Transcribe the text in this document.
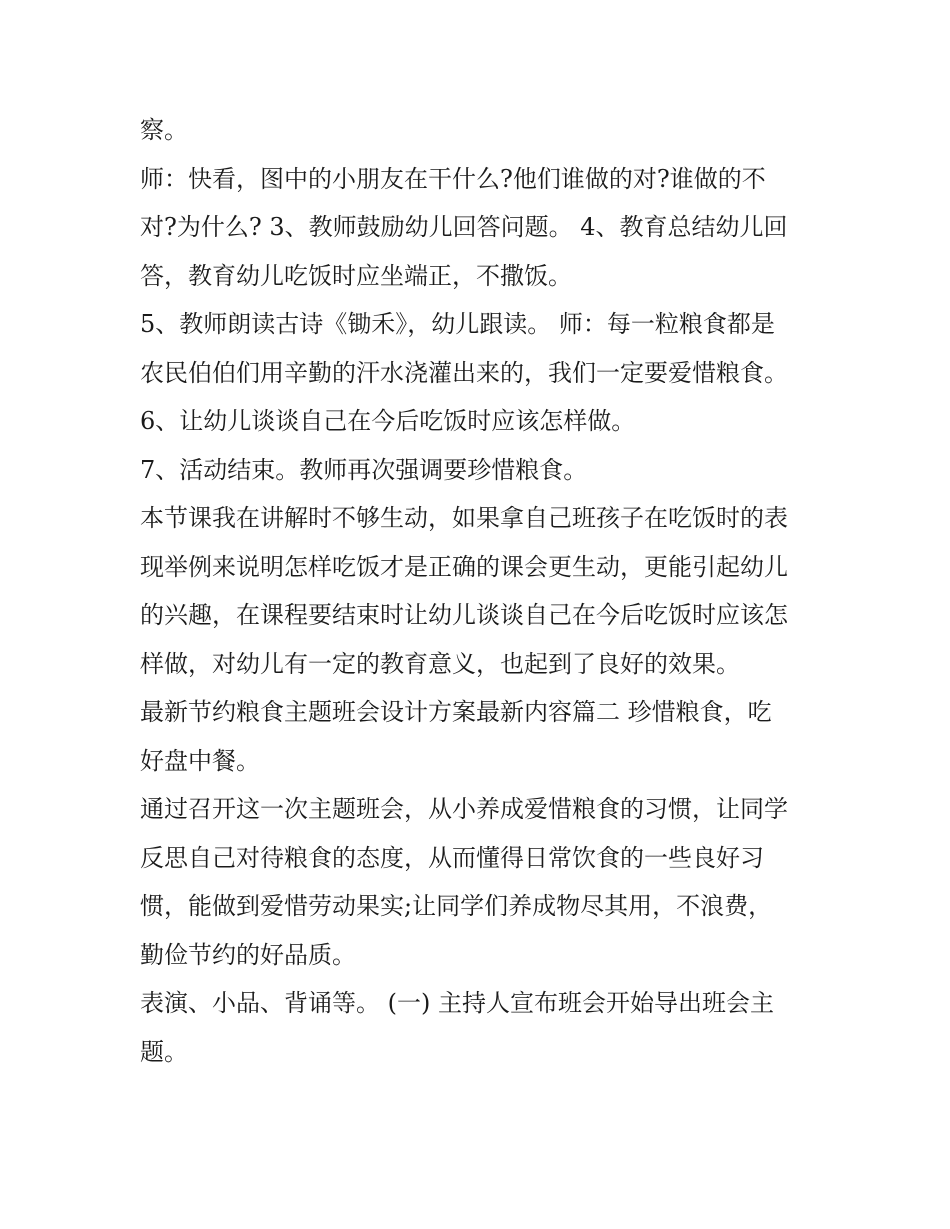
察。

师：快看，图中的小朋友在干什么?他们谁做的对?谁做的不

对?为什么? 3、教师鼓励幼儿回答问题。 4、教育总结幼儿回

答，教育幼儿吃饭时应坐端正，不撒饭。

5、教师朗读古诗《锄禾》，幼儿跟读。 师：每一粒粮食都是

农民伯伯们用辛勤的汗水浇灌出来的，我们一定要爱惜粮食。

6、让幼儿谈谈自己在今后吃饭时应该怎样做。

7、活动结束。教师再次强调要珍惜粮食。

本节课我在讲解时不够生动，如果拿自己班孩子在吃饭时的表

现举例来说明怎样吃饭才是正确的课会更生动，更能引起幼儿

的兴趣，在课程要结束时让幼儿谈谈自己在今后吃饭时应该怎

样做，对幼儿有一定的教育意义，也起到了良好的效果。

最新节约粮食主题班会设计方案最新内容篇二 珍惜粮食，吃

好盘中餐。

通过召开这一次主题班会，从小养成爱惜粮食的习惯，让同学

反思自己对待粮食的态度，从而懂得日常饮食的一些良好习

惯，能做到爱惜劳动果实;让同学们养成物尽其用，不浪费，

勤俭节约的好品质。

表演、小品、背诵等。 (一) 主持人宣布班会开始导出班会主

题。
